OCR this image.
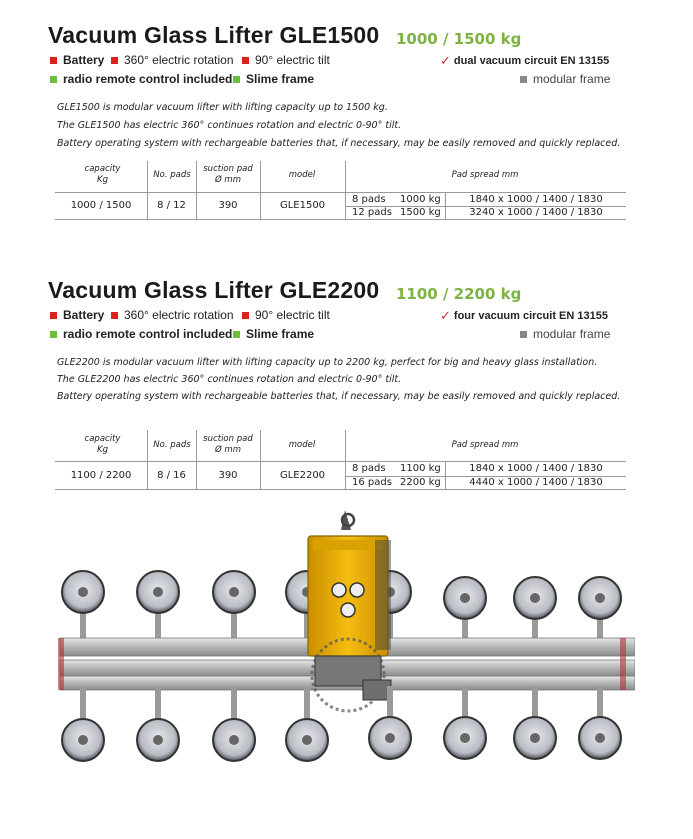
Vacuum Glass Lifter GLE1500 1000 / 1500 kg
Battery 360° electric rotation 90° electric tilt	✓ dual vacuum circuit EN 13155
radio remote control included Slime frame	modular frame
GLE1500 is modular vacuum lifter with lifting capacity up to 1500 kg.
The GLE1500 has electric 360° continues rotation and electric 0-90° tilt.
Battery operating system with rechargeable batteries that, if necessary, may be easily removed and quickly replaced.
capacity
Kg	No. pads
suction pad
Ø mm	model	Pad spread mm
1000 / 1500	8 / 12	390	GLE1500
8 pads 1000 kg	1840 x 1000 / 1400 / 1830
12 pads 1500 kg	3240 x 1000 / 1400 / 1830
Vacuum Glass Lifter GLE2200 1100 / 2200 kg
Battery 360° electric rotation 90° electric tilt	✓ four vacuum circuit EN 13155
radio remote control included Slime frame	modular frame
GLE2200 is modular vacuum lifter with lifting capacity up to 2200 kg, perfect for big and heavy glass installation.
The GLE2200 has electric 360° continues rotation and electric 0-90° tilt.
Battery operating system with rechargeable batteries that, if necessary, may be easily removed and quickly replaced.
capacity
Kg	No. pads
suction pad
Ø mm	model	Pad spread mm
1100 / 2200	8 / 16	390	GLE2200
8 pads 1100 kg	1840 x 1000 / 1400 / 1830
16 pads 2200 kg	4440 x 1000 / 1400 / 1830
